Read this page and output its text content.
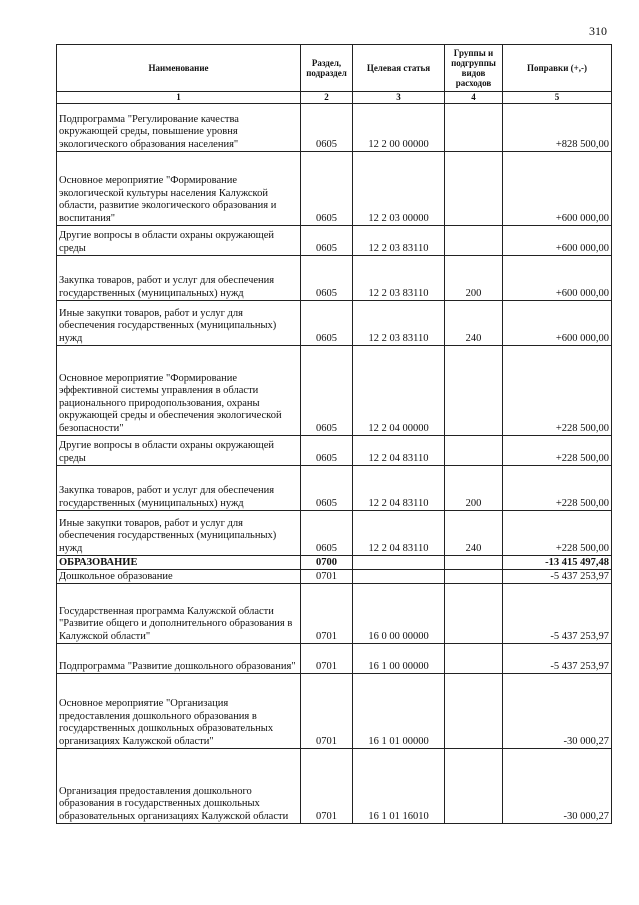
310
Наименование	Раздел, подраздел	Целевая статья	Группы и подгруппы видов расходов	Поправки (+,-)
1	2	3	4	5
Подпрограмма "Регулирование качества окружающей среды, повышение уровня экологического образования населения"	0605	12 2 00 00000		+828 500,00
Основное мероприятие "Формирование экологической культуры населения Калужской области, развитие экологического образования и воспитания"	0605	12 2 03 00000		+600 000,00
Другие вопросы в области охраны окружающей среды	0605	12 2 03 83110		+600 000,00
Закупка товаров, работ и услуг для обеспечения государственных (муниципальных) нужд	0605	12 2 03 83110	200	+600 000,00
Иные закупки товаров, работ и услуг для обеспечения государственных (муниципальных) нужд	0605	12 2 03 83110	240	+600 000,00
Основное мероприятие "Формирование эффективной системы управления в области рационального природопользования, охраны окружающей среды и обеспечения экологической безопасности"	0605	12 2 04 00000		+228 500,00
Другие вопросы в области охраны окружающей среды	0605	12 2 04 83110		+228 500,00
Закупка товаров, работ и услуг для обеспечения государственных (муниципальных) нужд	0605	12 2 04 83110	200	+228 500,00
Иные закупки товаров, работ и услуг для обеспечения государственных (муниципальных) нужд	0605	12 2 04 83110	240	+228 500,00
ОБРАЗОВАНИЕ	0700			-13 415 497,48
Дошкольное образование	0701			-5 437 253,97
Государственная программа Калужской области "Развитие общего и дополнительного образования в Калужской области"	0701	16 0 00 00000		-5 437 253,97
Подпрограмма "Развитие дошкольного образования"	0701	16 1 00 00000		-5 437 253,97
Основное мероприятие "Организация предоставления дошкольного образования в государственных дошкольных образовательных организациях Калужской области"	0701	16 1 01 00000		-30 000,27
Организация предоставления дошкольного образования в государственных дошкольных образовательных организациях Калужской области	0701	16 1 01 16010		-30 000,27
